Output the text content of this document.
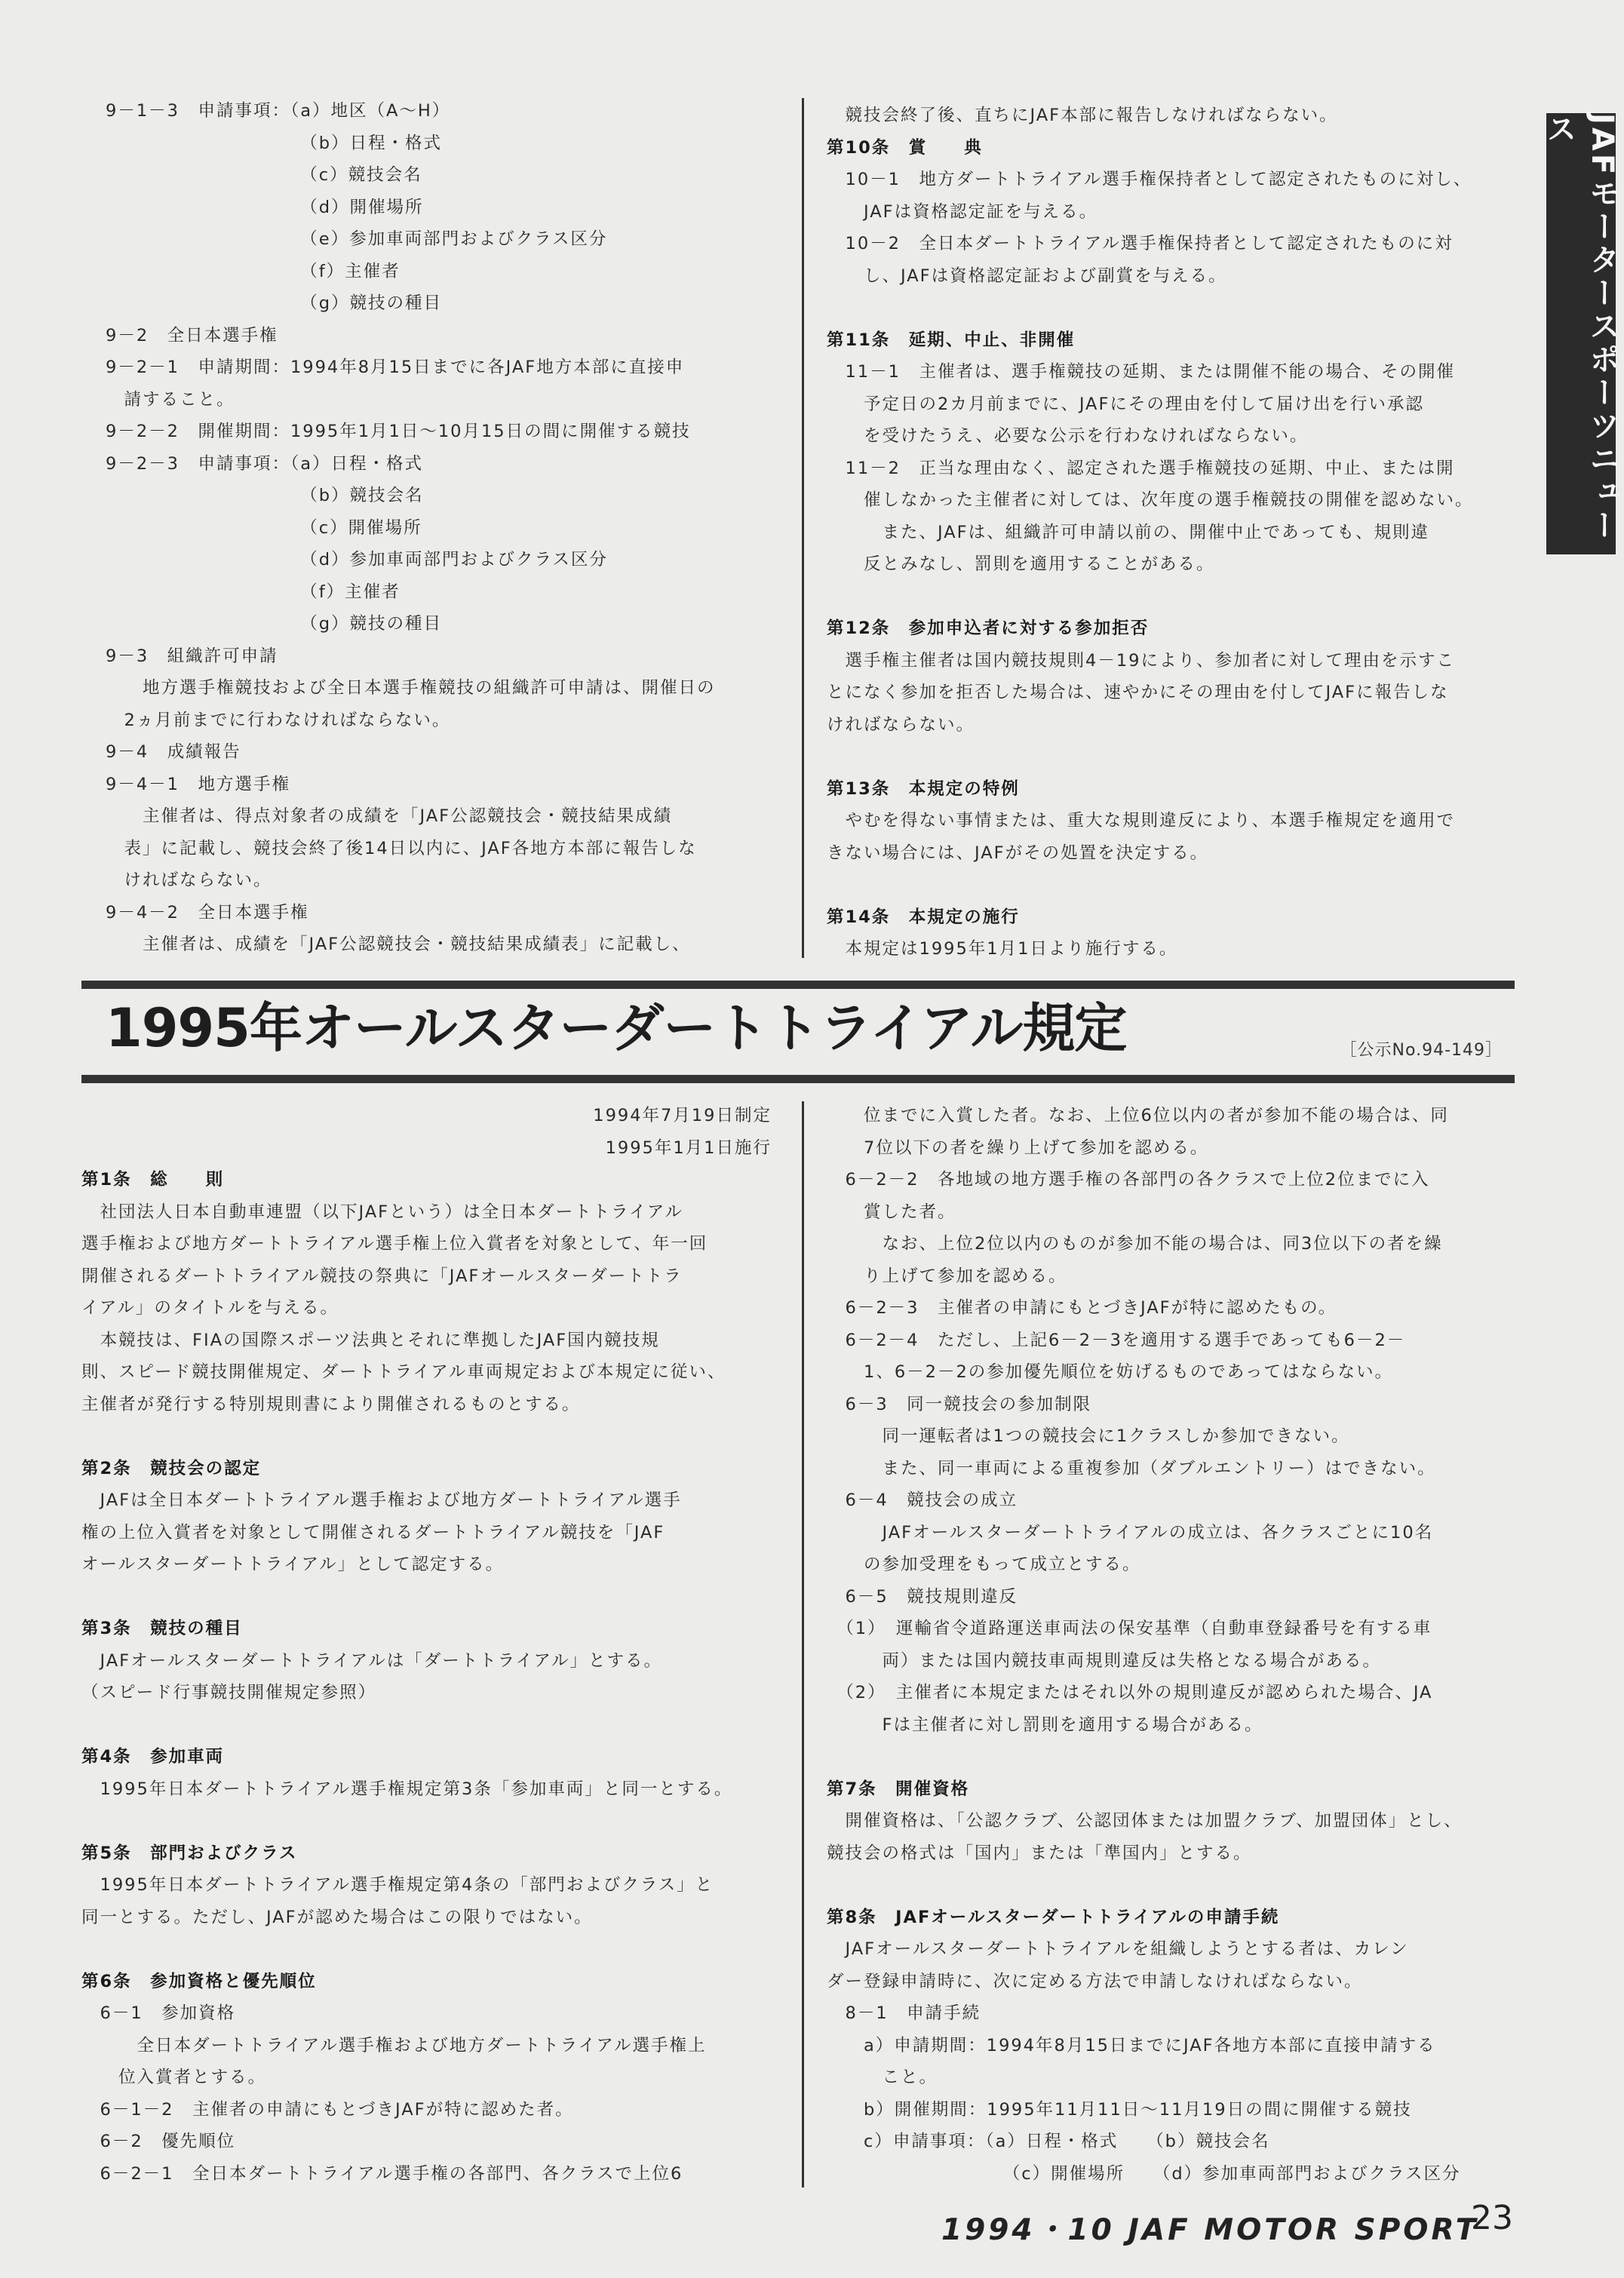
JAFモータースポーツニュース

9－1－3　申請事項：（a）地区（A～H）

　　　　　　　　　　　（b）日程・格式

　　　　　　　　　　　（c）競技会名

　　　　　　　　　　　（d）開催場所

　　　　　　　　　　　（e）参加車両部門およびクラス区分

　　　　　　　　　　　（f）主催者

　　　　　　　　　　　（g）競技の種目

9－2　全日本選手権

9－2－1　申請期間：1994年8月15日までに各JAF地方本部に直接申

　請すること。

9－2－2　開催期間：1995年1月1日～10月15日の間に開催する競技

9－2－3　申請事項：（a）日程・格式

　　　　　　　　　　　（b）競技会名

　　　　　　　　　　　（c）開催場所

　　　　　　　　　　　（d）参加車両部門およびクラス区分

　　　　　　　　　　　（f）主催者

　　　　　　　　　　　（g）競技の種目

9－3　組織許可申請

　　地方選手権競技および全日本選手権競技の組織許可申請は、開催日の

　2ヵ月前までに行わなければならない。

9－4　成績報告

9－4－1　地方選手権

　　主催者は、得点対象者の成績を「JAF公認競技会・競技結果成績

　表」に記載し、競技会終了後14日以内に、JAF各地方本部に報告しな

　ければならない。

9－4－2　全日本選手権

　　主催者は、成績を「JAF公認競技会・競技結果成績表」に記載し、

　競技会終了後、直ちにJAF本部に報告しなければならない。

第10条　賞　　典

　10－1　地方ダートトライアル選手権保持者として認定されたものに対し、

　　JAFは資格認定証を与える。

　10－2　全日本ダートトライアル選手権保持者として認定されたものに対

　　し、JAFは資格認定証および副賞を与える。

第11条　延期、中止、非開催

　11－1　主催者は、選手権競技の延期、または開催不能の場合、その開催

　　予定日の2カ月前までに、JAFにその理由を付して届け出を行い承認

　　を受けたうえ、必要な公示を行わなければならない。

　11－2　正当な理由なく、認定された選手権競技の延期、中止、または開

　　催しなかった主催者に対しては、次年度の選手権競技の開催を認めない。

　　　また、JAFは、組織許可申請以前の、開催中止であっても、規則違

　　反とみなし、罰則を適用することがある。

第12条　参加申込者に対する参加拒否

　選手権主催者は国内競技規則4－19により、参加者に対して理由を示すこ

とになく参加を拒否した場合は、速やかにその理由を付してJAFに報告しな

ければならない。

第13条　本規定の特例

　やむを得ない事情または、重大な規則違反により、本選手権規定を適用で

きない場合には、JAFがその処置を決定する。

第14条　本規定の施行

　本規定は1995年1月1日より施行する。

1995年オールスターダートトライアル規定	［公示No.94-149］

1994年7月19日制定

1995年1月1日施行

第1条　総　　則

　社団法人日本自動車連盟（以下JAFという）は全日本ダートトライアル

選手権および地方ダートトライアル選手権上位入賞者を対象として、年一回

開催されるダートトライアル競技の祭典に「JAFオールスターダートトラ

イアル」のタイトルを与える。

　本競技は、FIAの国際スポーツ法典とそれに準拠したJAF国内競技規

則、スピード競技開催規定、ダートトライアル車両規定および本規定に従い、

主催者が発行する特別規則書により開催されるものとする。

第2条　競技会の認定

　JAFは全日本ダートトライアル選手権および地方ダートトライアル選手

権の上位入賞者を対象として開催されるダートトライアル競技を「JAF

オールスターダートトライアル」として認定する。

第3条　競技の種目

　JAFオールスターダートトライアルは「ダートトライアル」とする。

（スピード行事競技開催規定参照）

第4条　参加車両

　1995年日本ダートトライアル選手権規定第3条「参加車両」と同一とする。

第5条　部門およびクラス

　1995年日本ダートトライアル選手権規定第4条の「部門およびクラス」と

同一とする。ただし、JAFが認めた場合はこの限りではない。

第6条　参加資格と優先順位

　6－1　参加資格

　　　全日本ダートトライアル選手権および地方ダートトライアル選手権上

　　位入賞者とする。

　6－1－2　主催者の申請にもとづきJAFが特に認めた者。

　6－2　優先順位

　6－2－1　全日本ダートトライアル選手権の各部門、各クラスで上位6

　　位までに入賞した者。なお、上位6位以内の者が参加不能の場合は、同

　　7位以下の者を繰り上げて参加を認める。

　6－2－2　各地域の地方選手権の各部門の各クラスで上位2位までに入

　　賞した者。

　　　なお、上位2位以内のものが参加不能の場合は、同3位以下の者を繰

　　り上げて参加を認める。

　6－2－3　主催者の申請にもとづきJAFが特に認めたもの。

　6－2－4　ただし、上記6－2－3を適用する選手であっても6－2－

　　1、6－2－2の参加優先順位を妨げるものであってはならない。

　6－3　同一競技会の参加制限

　　　同一運転者は1つの競技会に1クラスしか参加できない。

　　　また、同一車両による重複参加（ダブルエントリー）はできない。

　6－4　競技会の成立

　　　JAFオールスターダートトライアルの成立は、各クラスごとに10名

　　の参加受理をもって成立とする。

　6－5　競技規則違反

　（1）　運輸省令道路運送車両法の保安基準（自動車登録番号を有する車

　　　両）または国内競技車両規則違反は失格となる場合がある。

　（2）　主催者に本規定またはそれ以外の規則違反が認められた場合、JA

　　　Fは主催者に対し罰則を適用する場合がある。

第7条　開催資格

　開催資格は、「公認クラブ、公認団体または加盟クラブ、加盟団体」とし、

競技会の格式は「国内」または「準国内」とする。

第8条　JAFオールスターダートトライアルの申請手続

　JAFオールスターダートトライアルを組織しようとする者は、カレン

ダー登録申請時に、次に定める方法で申請しなければならない。

　8－1　申請手続

　　a）申請期間：1994年8月15日までにJAF各地方本部に直接申請する

　　　こと。

　　b）開催期間：1995年11月11日～11月19日の間に開催する競技

　　c）申請事項：（a）日程・格式　　（b）競技会名

　　　　　　　　　　（c）開催場所　　（d）参加車両部門およびクラス区分

1994・10 JAF MOTOR SPORT
23
